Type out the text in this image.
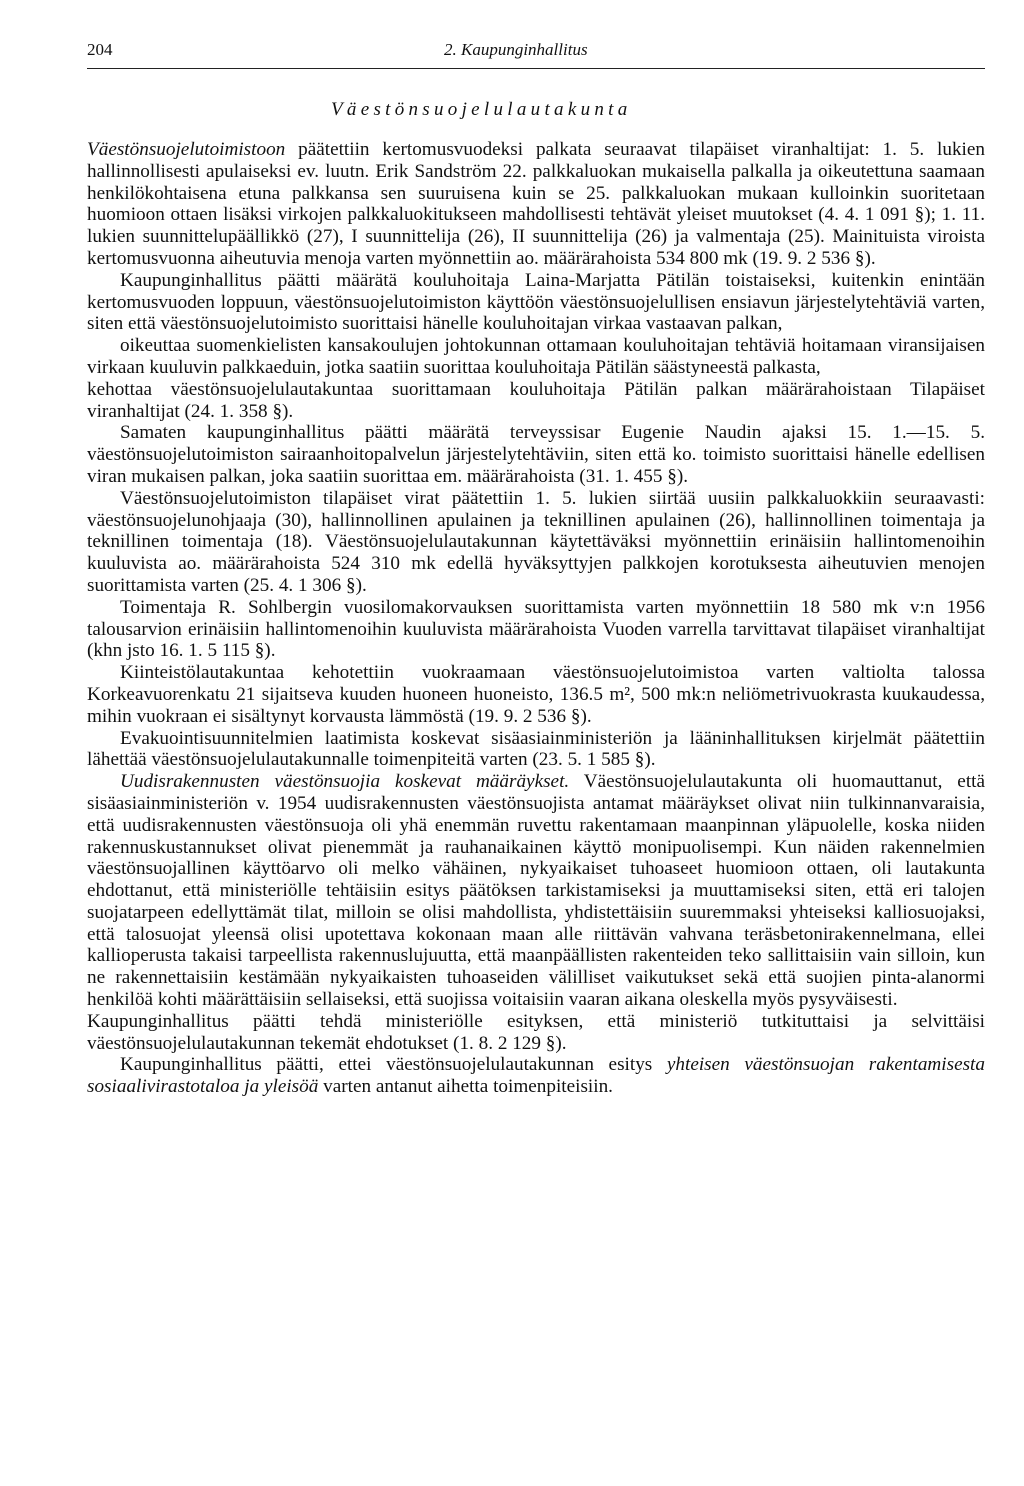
204	2. Kaupunginhallitus
Väestönsuojelulautakunta

Väestönsuojelutoimistoon päätettiin kertomusvuodeksi palkata seuraavat tilapäiset viranhaltijat: 1. 5. lukien hallinnollisesti apulaiseksi ev. luutn. Erik Sandström 22. palkkaluokan mukaisella palkalla ja oikeutettuna saamaan henkilökohtaisena etuna palkkansa sen suuruisena kuin se 25. palkkaluokan mukaan kulloinkin suoritetaan huomioon ottaen lisäksi virkojen palkkaluokitukseen mahdollisesti tehtävät yleiset muutokset (4. 4. 1 091 §); 1. 11. lukien suunnittelupäällikkö (27), I suunnittelija (26), II suunnittelija (26) ja valmentaja (25). Mainituista viroista kertomusvuonna aiheutuvia menoja varten myönnettiin ao. määrärahoista 534 800 mk (19. 9. 2 536 §).

Kaupunginhallitus päätti määrätä kouluhoitaja Laina-Marjatta Pätilän toistaiseksi, kuitenkin enintään kertomusvuoden loppuun, väestönsuojelutoimiston käyttöön väestönsuojelullisen ensiavun järjestelytehtäviä varten, siten että väestönsuojelutoimisto suorittaisi hänelle kouluhoitajan virkaa vastaavan palkan,

oikeuttaa suomenkielisten kansakoulujen johtokunnan ottamaan kouluhoitajan tehtäviä hoitamaan viransijaisen virkaan kuuluvin palkkaeduin, jotka saatiin suorittaa kouluhoitaja Pätilän säästyneestä palkasta,

kehottaa väestönsuojelulautakuntaa suorittamaan kouluhoitaja Pätilän palkan määrärahoistaan Tilapäiset viranhaltijat (24. 1. 358 §).

Samaten kaupunginhallitus päätti määrätä terveyssisar Eugenie Naudin ajaksi 15. 1.—15. 5. väestönsuojelutoimiston sairaanhoitopalvelun järjestelytehtäviin, siten että ko. toimisto suorittaisi hänelle edellisen viran mukaisen palkan, joka saatiin suorittaa em. määrärahoista (31. 1. 455 §).

Väestönsuojelutoimiston tilapäiset virat päätettiin 1. 5. lukien siirtää uusiin palkkaluokkiin seuraavasti: väestönsuojelunohjaaja (30), hallinnollinen apulainen ja teknillinen apulainen (26), hallinnollinen toimentaja ja teknillinen toimentaja (18). Väestönsuojelulautakunnan käytettäväksi myönnettiin erinäisiin hallintomenoihin kuuluvista ao. määrärahoista 524 310 mk edellä hyväksyttyjen palkkojen korotuksesta aiheutuvien menojen suorittamista varten (25. 4. 1 306 §).

Toimentaja R. Sohlbergin vuosilomakorvauksen suorittamista varten myönnettiin 18 580 mk v:n 1956 talousarvion erinäisiin hallintomenoihin kuuluvista määrärahoista Vuoden varrella tarvittavat tilapäiset viranhaltijat (khn jsto 16. 1. 5 115 §).

Kiinteistölautakuntaa kehotettiin vuokraamaan väestönsuojelutoimistoa varten valtiolta talossa Korkeavuorenkatu 21 sijaitseva kuuden huoneen huoneisto, 136.5 m², 500 mk:n neliömetrivuokrasta kuukaudessa, mihin vuokraan ei sisältynyt korvausta lämmöstä (19. 9. 2 536 §).

Evakuointisuunnitelmien laatimista koskevat sisäasiainministeriön ja lääninhallituksen kirjelmät päätettiin lähettää väestönsuojelulautakunnalle toimenpiteitä varten (23. 5. 1 585 §).

Uudisrakennusten väestönsuojia koskevat määräykset. Väestönsuojelulautakunta oli huomauttanut, että sisäasiainministeriön v. 1954 uudisrakennusten väestönsuojista antamat määräykset olivat niin tulkinnanvaraisia, että uudisrakennusten väestönsuoja oli yhä enemmän ruvettu rakentamaan maanpinnan yläpuolelle, koska niiden rakennuskustannukset olivat pienemmät ja rauhanaikainen käyttö monipuolisempi. Kun näiden rakennelmien väestönsuojallinen käyttöarvo oli melko vähäinen, nykyaikaiset tuhoaseet huomioon ottaen, oli lautakunta ehdottanut, että ministeriölle tehtäisiin esitys päätöksen tarkistamiseksi ja muuttamiseksi siten, että eri talojen suojatarpeen edellyttämät tilat, milloin se olisi mahdollista, yhdistettäisiin suuremmaksi yhteiseksi kalliosuojaksi, että talosuojat yleensä olisi upotettava kokonaan maan alle riittävän vahvana teräsbetonirakennelmana, ellei kallioperusta takaisi tarpeellista rakennuslujuutta, että maanpäällisten rakenteiden teko sallittaisiin vain silloin, kun ne rakennettaisiin kestämään nykyaikaisten tuhoaseiden välilliset vaikutukset sekä että suojien pinta-alanormi henkilöä kohti määrättäisiin sellaiseksi, että suojissa voitaisiin vaaran aikana oleskella myös pysyväisesti.

Kaupunginhallitus päätti tehdä ministeriölle esityksen, että ministeriö tutkituttaisi ja selvittäisi väestönsuojelulautakunnan tekemät ehdotukset (1. 8. 2 129 §).

Kaupunginhallitus päätti, ettei väestönsuojelulautakunnan esitys yhteisen väestönsuojan rakentamisesta sosiaalivirastotaloa ja yleisöä varten antanut aihetta toimenpiteisiin.
